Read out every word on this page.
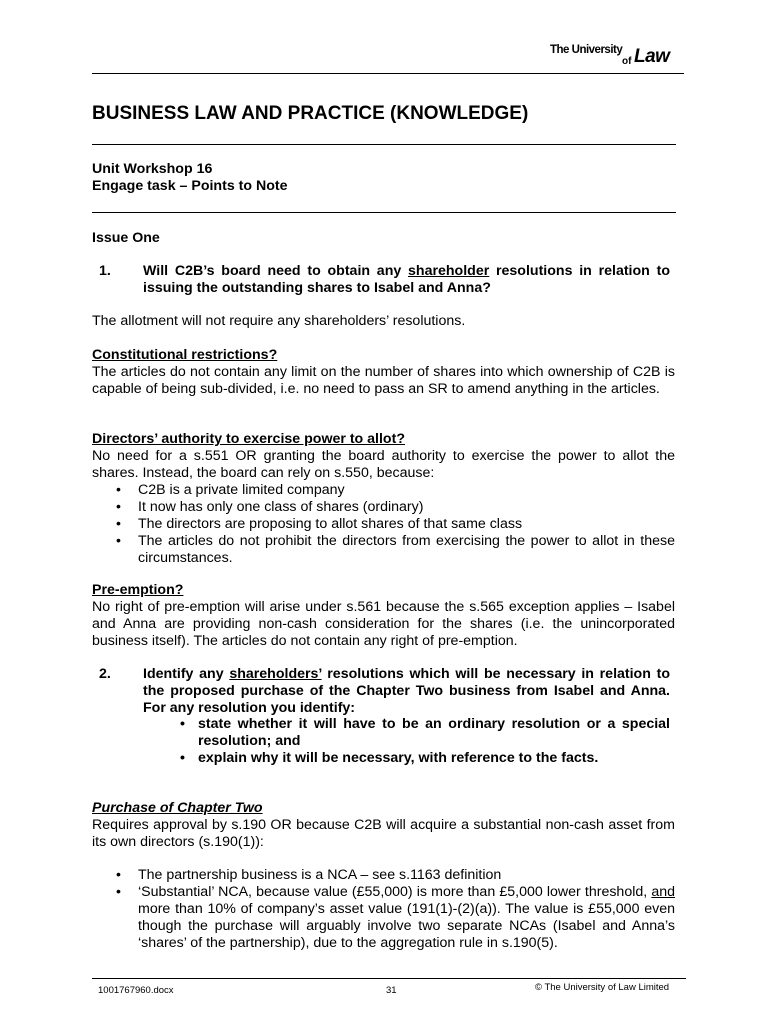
The University
of Law
BUSINESS LAW AND PRACTICE (KNOWLEDGE)
Unit Workshop 16
Engage task – Points to Note
Issue One
1. Will C2B’s board need to obtain any shareholder resolutions in relation to issuing the outstanding shares to Isabel and Anna?
The allotment will not require any shareholders’ resolutions.
Constitutional restrictions?
The articles do not contain any limit on the number of shares into which ownership of C2B is capable of being sub-divided, i.e. no need to pass an SR to amend anything in the articles.
Directors’ authority to exercise power to allot?
No need for a s.551 OR granting the board authority to exercise the power to allot the shares. Instead, the board can rely on s.550, because:
• C2B is a private limited company
• It now has only one class of shares (ordinary)
• The directors are proposing to allot shares of that same class
• The articles do not prohibit the directors from exercising the power to allot in these circumstances.
Pre-emption?
No right of pre-emption will arise under s.561 because the s.565 exception applies – Isabel and Anna are providing non-cash consideration for the shares (i.e. the unincorporated business itself). The articles do not contain any right of pre-emption.
2. Identify any shareholders’ resolutions which will be necessary in relation to the proposed purchase of the Chapter Two business from Isabel and Anna. For any resolution you identify:
• state whether it will have to be an ordinary resolution or a special resolution; and
• explain why it will be necessary, with reference to the facts.
Purchase of Chapter Two
Requires approval by s.190 OR because C2B will acquire a substantial non-cash asset from its own directors (s.190(1)):
• The partnership business is a NCA – see s.1163 definition
• ‘Substantial’ NCA, because value (£55,000) is more than £5,000 lower threshold, and more than 10% of company’s asset value (191(1)-(2)(a)). The value is £55,000 even though the purchase will arguably involve two separate NCAs (Isabel and Anna’s ‘shares’ of the partnership), due to the aggregation rule in s.190(5).
1001767960.docx	31	© The University of Law Limited
